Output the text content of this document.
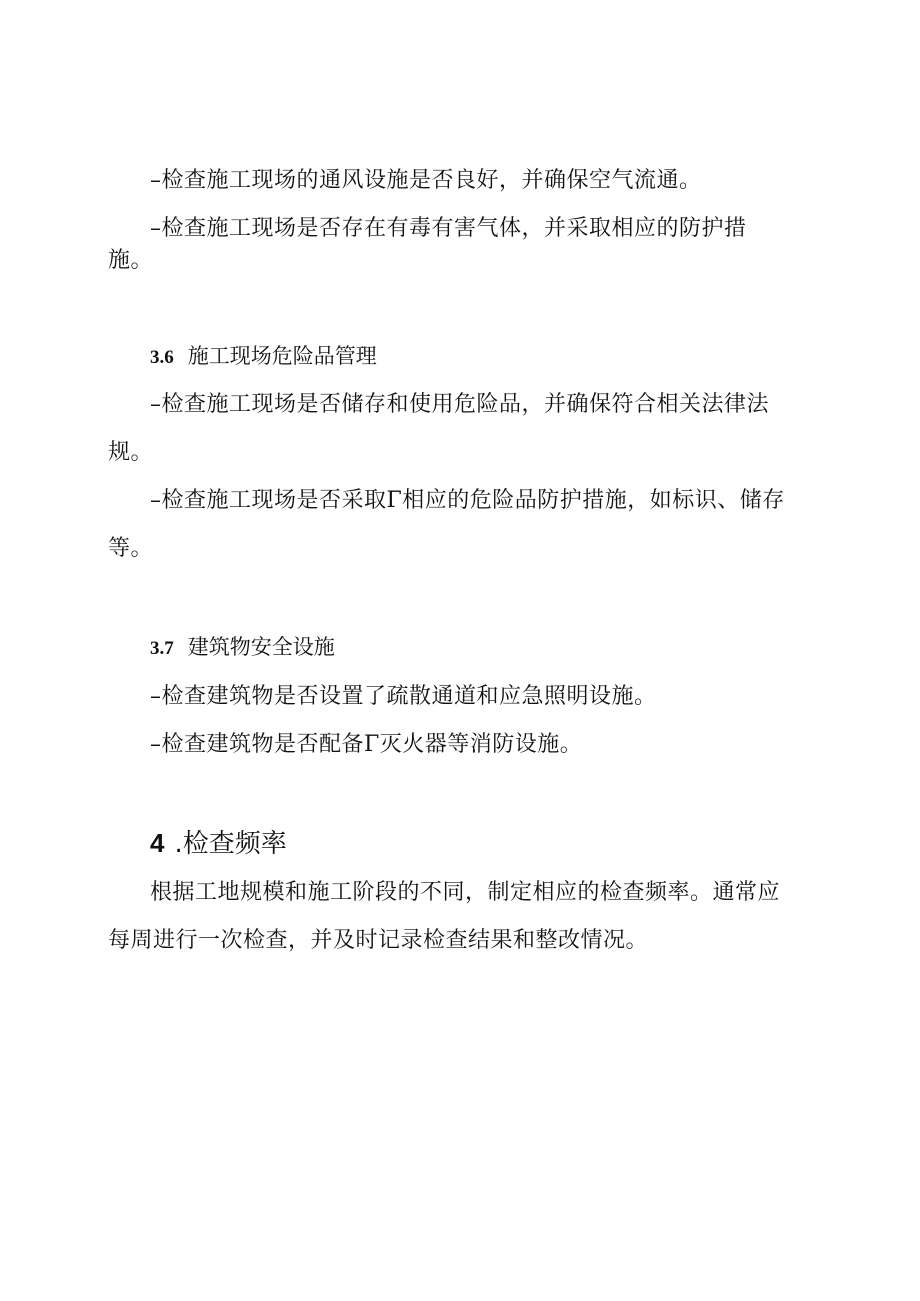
–检查施工现场的通风设施是否良好，并确保空气流通。
–检查施工现场是否存在有毒有害气体，并采取相应的防护措
施。
3.6 施工现场危险品管理
–检查施工现场是否储存和使用危险品，并确保符合相关法律法
规。
–检查施工现场是否采取Γ相应的危险品防护措施，如标识、储存
等。
3.7 建筑物安全设施
–检查建筑物是否设置了疏散通道和应急照明设施。
–检查建筑物是否配备Γ灭火器等消防设施。
4 .检查频率
根据工地规模和施工阶段的不同，制定相应的检查频率。通常应
每周进行一次检查，并及时记录检查结果和整改情况。
